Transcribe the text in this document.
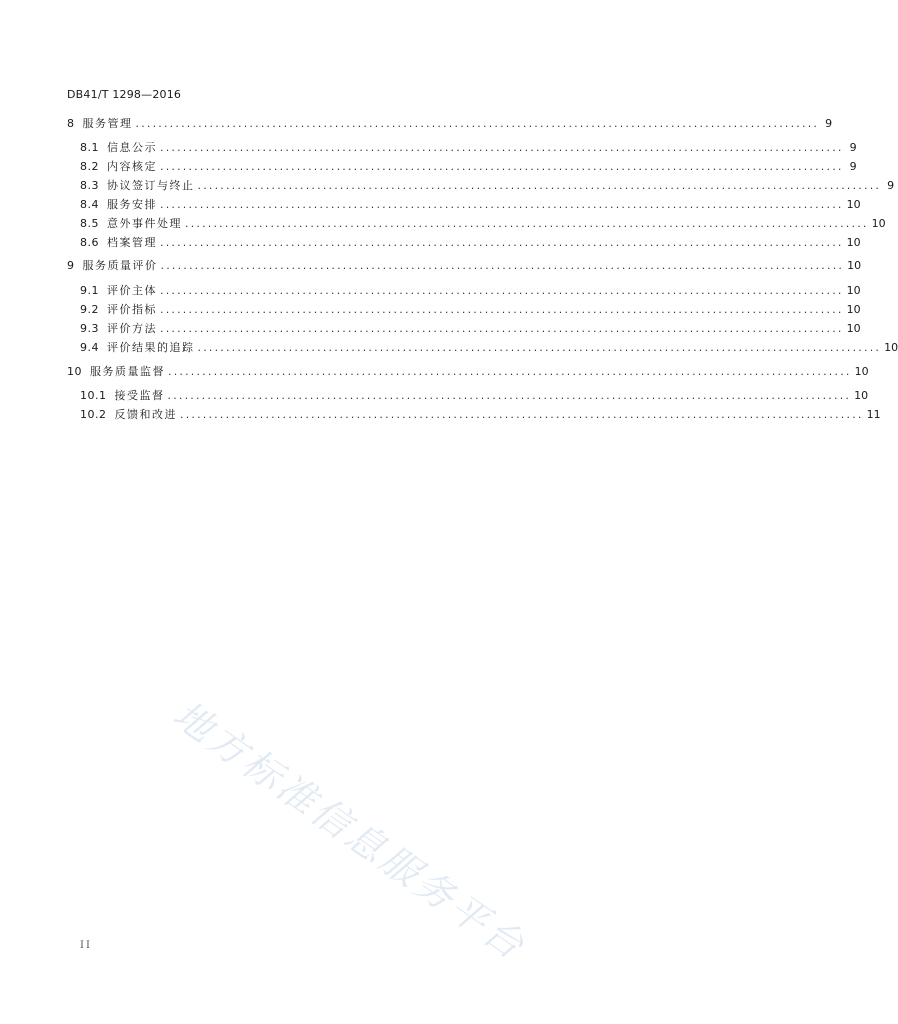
DB41/T 1298—2016
8 服务管理 ........................................................................................................................ 9
8.1 信息公示 ........................................................................................................................ 9
8.2 内容核定 ........................................................................................................................ 9
8.3 协议签订与终止 ........................................................................................................................ 9
8.4 服务安排 ........................................................................................................................ 10
8.5 意外事件处理 ........................................................................................................................ 10
8.6 档案管理 ........................................................................................................................ 10
9 服务质量评价 ........................................................................................................................ 10
9.1 评价主体 ........................................................................................................................ 10
9.2 评价指标 ........................................................................................................................ 10
9.3 评价方法 ........................................................................................................................ 10
9.4 评价结果的追踪 ........................................................................................................................ 10
10 服务质量监督 ........................................................................................................................ 10
10.1 接受监督 ........................................................................................................................ 10
10.2 反馈和改进 ........................................................................................................................ 11
地方标准信息服务平台
II
